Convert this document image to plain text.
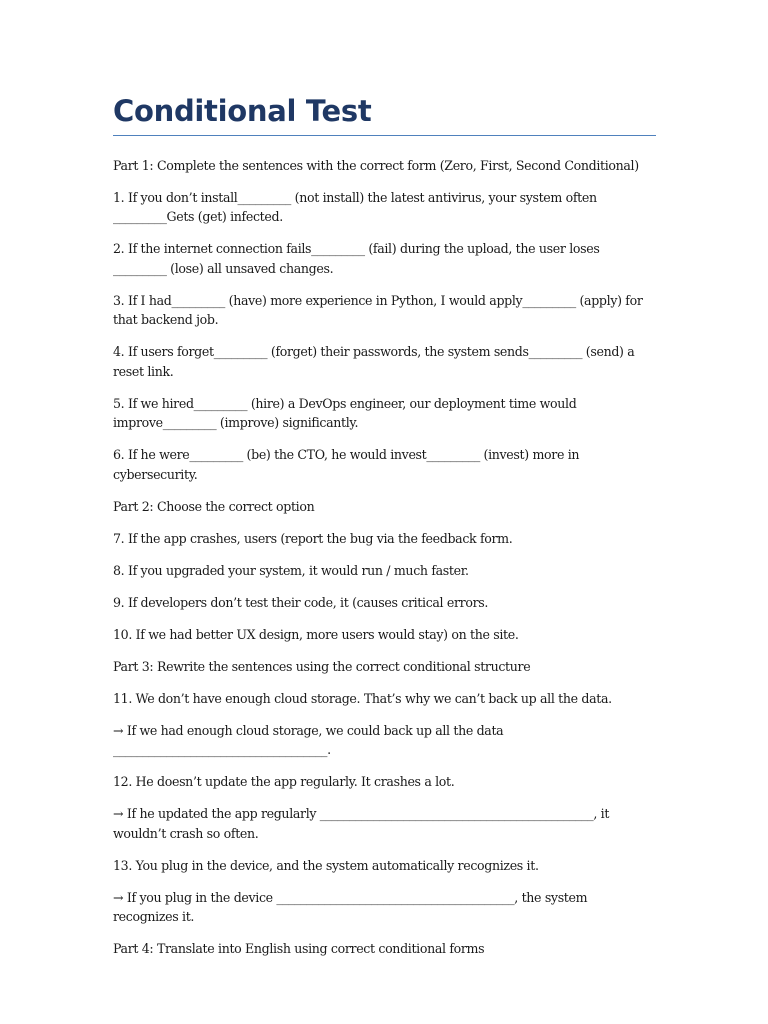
Conditional Test

Part 1: Complete the sentences with the correct form (Zero, First, Second Conditional)

1. If you don’t install_________ (not install) the latest antivirus, your system often _________Gets (get) infected.

2. If the internet connection fails_________ (fail) during the upload, the user loses _________ (lose) all unsaved changes.

3. If I had_________ (have) more experience in Python, I would apply_________ (apply) for that backend job.

4. If users forget_________ (forget) their passwords, the system sends_________ (send) a reset link.

5. If we hired_________ (hire) a DevOps engineer, our deployment time would improve_________ (improve) significantly.

6. If he were_________ (be) the CTO, he would invest_________ (invest) more in cybersecurity.

Part 2: Choose the correct option

7. If the app crashes, users (report the bug via the feedback form.

8. If you upgraded your system, it would run / much faster.

9. If developers don’t test their code, it (causes critical errors.

10. If we had better UX design, more users would stay) on the site.

Part 3: Rewrite the sentences using the correct conditional structure

11. We don’t have enough cloud storage. That’s why we can’t back up all the data.

→ If we had enough cloud storage, we could back up all the data ____________________________________.

12. He doesn’t update the app regularly. It crashes a lot.

→ If he updated the app regularly ______________________________________________, it wouldn’t crash so often.

13. You plug in the device, and the system automatically recognizes it.

→ If you plug in the device ________________________________________, the system recognizes it.

Part 4: Translate into English using correct conditional forms
